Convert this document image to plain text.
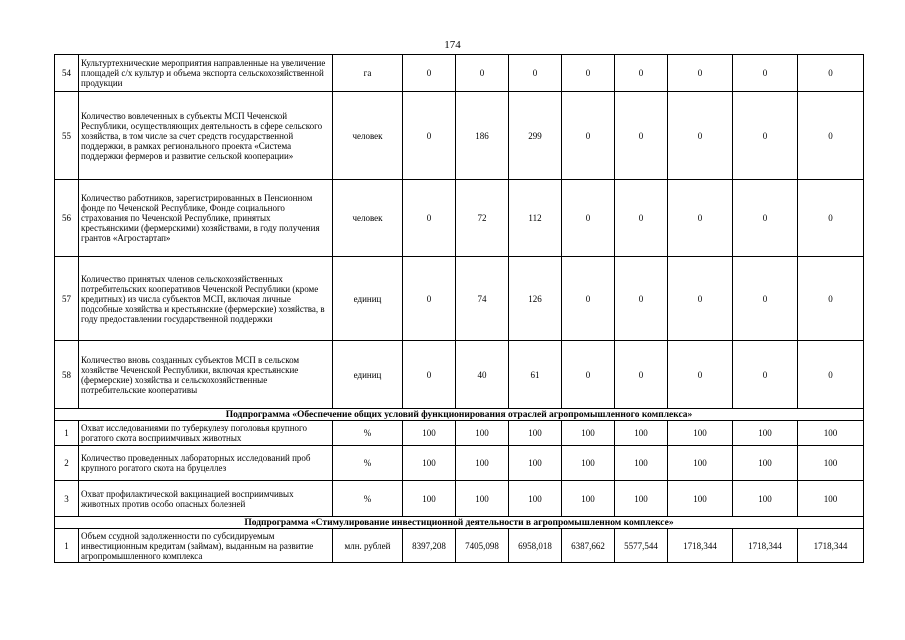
174
54	Культуртехнические мероприятия направленные на увеличение площадей с/х культур и объема экспорта сельскохозяйственной продукции	га	0	0	0	0	0	0	0	0
55	Количество вовлеченных в субъекты МСП Чеченской Республики, осуществляющих деятельность в сфере сельского хозяйства, в том числе за счет средств государственной поддержки, в рамках регионального проекта «Система поддержки фермеров и развитие сельской кооперации»	человек	0	186	299	0	0	0	0	0
56	Количество работников, зарегистрированных в Пенсионном фонде по Чеченской Республике, Фонде социального страхования по Чеченской Республике, принятых крестьянскими (фермерскими) хозяйствами, в году получения грантов «Агростартап»	человек	0	72	112	0	0	0	0	0
57	Количество принятых членов сельскохозяйственных потребительских кооперативов Чеченской Республики (кроме кредитных) из числа субъектов МСП, включая личные подсобные хозяйства и крестьянские (фермерские) хозяйства, в году предоставлении государственной поддержки	единиц	0	74	126	0	0	0	0	0
58	Количество вновь созданных субъектов МСП в сельском хозяйстве Чеченской Республики, включая крестьянские (фермерские) хозяйства и сельскохозяйственные потребительские кооперативы	единиц	0	40	61	0	0	0	0	0
Подпрограмма «Обеспечение общих условий функционирования отраслей агропромышленного комплекса»										
1	Охват исследованиями по туберкулезу поголовья крупного рогатого скота восприимчивых животных	%	100	100	100	100	100	100	100	100
2	Количество проведенных лабораторных исследований проб крупного рогатого скота на бруцеллез	%	100	100	100	100	100	100	100	100
3	Охват профилактической вакцинацией восприимчивых животных против особо опасных болезней	%	100	100	100	100	100	100	100	100
Подпрограмма «Стимулирование инвестиционной деятельности в агропромышленном комплексе»										
1	Объем ссудной задолженности по субсидируемым инвестиционным кредитам (займам), выданным на развитие агропромышленного комплекса	млн. рублей	8397,208	7405,098	6958,018	6387,662	5577,544	1718,344	1718,344	1718,344
